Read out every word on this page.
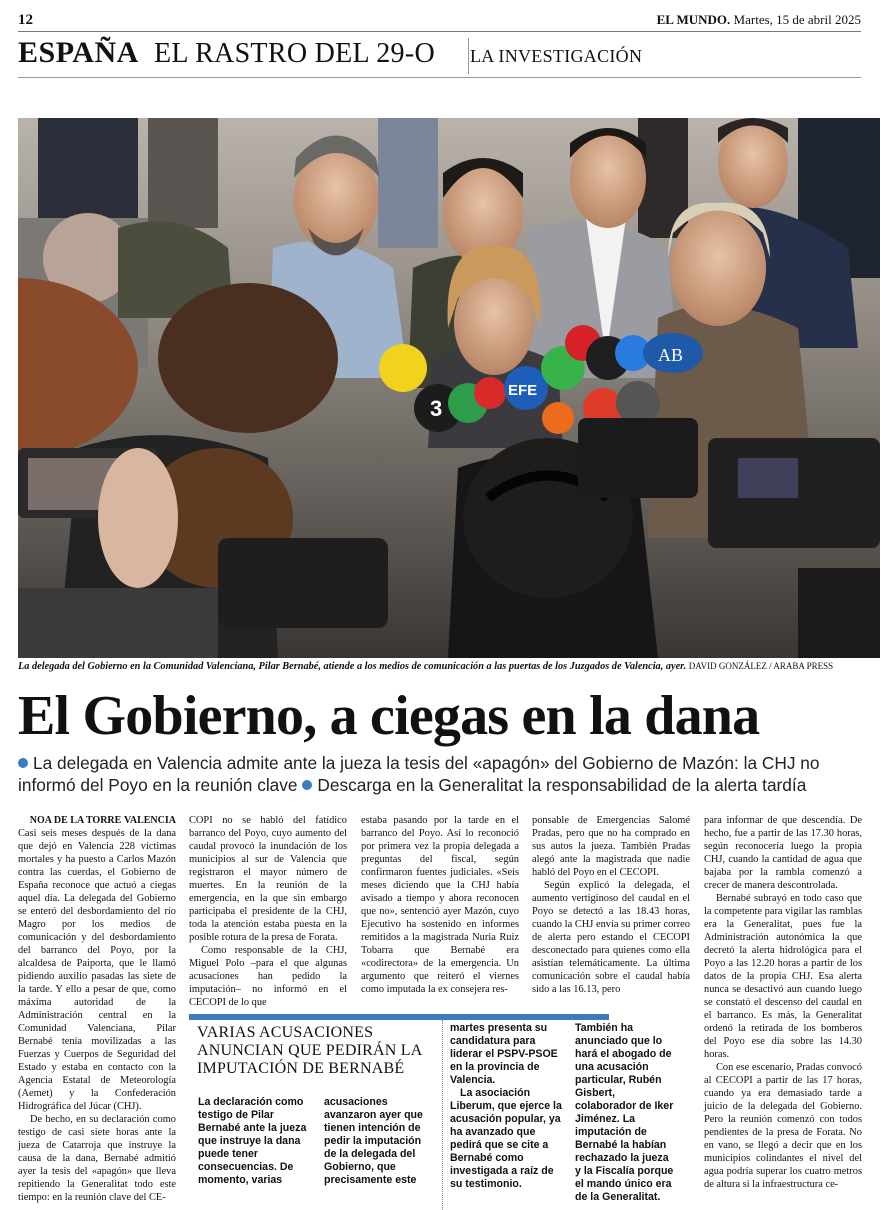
12	EL MUNDO. Martes, 15 de abril 2025
ESPAÑA EL RASTRO DEL 29-O LA INVESTIGACIÓN
3
EFE
AB
La delegada del Gobierno en la Comunidad Valenciana, Pilar Bernabé, atiende a los medios de comunicación a las puertas de los Juzgados de Valencia, ayer. DAVID GONZÁLEZ / ARABA PRESS
El Gobierno, a ciegas en la dana
La delegada en Valencia admite ante la jueza la tesis del «apagón» del Gobierno de Mazón: la CHJ no informó del Poyo en la reunión clave Descarga en la Generalitat la responsabilidad de la alerta tardía

NOA DE LA TORRE VALENCIA

Casi seis meses después de la dana que dejó en Valencia 228 víctimas mortales y ha puesto a Carlos Mazón contra las cuerdas, el Gobierno de España reconoce que actuó a ciegas aquel día. La delegada del Gobierno se enteró del desbordamiento del río Magro por los medios de comunicación y del desbordamiento del barranco del Poyo, por la alcaldesa de Paiporta, que le llamó pidiendo auxilio pasadas las siete de la tarde. Y ello a pesar de que, como máxima autoridad de la Administración central en la Comunidad Valenciana, Pilar Bernabé tenía movilizadas a las Fuerzas y Cuerpos de Seguridad del Estado y estaba en contacto con la Agencia Estatal de Meteorología (Aemet) y la Confederación Hidrográfica del Júcar (CHJ).

De hecho, en su declaración como testigo de casi siete horas ante la jueza de Catarroja que instruye la causa de la dana, Bernabé admitió ayer la tesis del «apagón» que lleva repitiendo la Generalitat todo este tiempo: en la reunión clave del CE-

COPI no se habló del fatídico barranco del Poyo, cuyo aumento del caudal provocó la inundación de los municipios al sur de Valencia que registraron el mayor número de muertes. En la reunión de la emergencia, en la que sin embargo participaba el presidente de la CHJ, toda la atención estaba puesta en la posible rotura de la presa de Forata.

Como responsable de la CHJ, Miguel Polo –para el que algunas acusaciones han pedido la imputación– no informó en el CECOPI de lo que

estaba pasando por la tarde en el barranco del Poyo. Así lo reconoció por primera vez la propia delegada a preguntas del fiscal, según confirmaron fuentes judiciales. «Seis meses diciendo que la CHJ había avisado a tiempo y ahora reconocen que no», sentenció ayer Mazón, cuyo Ejecutivo ha sostenido en informes remitidos a la magistrada Nuria Ruiz Tobarra que Bernabé era «codirectora» de la emergencia. Un argumento que reiteró el viernes como imputada la ex consejera res-

ponsable de Emergencias Salomé Pradas, pero que no ha comprado en sus autos la jueza. También Pradas alegó ante la magistrada que nadie habló del Poyo en el CECOPI.

Según explicó la delegada, el aumento vertiginoso del caudal en el Poyo se detectó a las 18.43 horas, cuando la CHJ envía su primer correo de alerta pero estando el CECOPI desconectado para quienes como ella asistían telemáticamente. La última comunicación sobre el caudal había sido a las 16.13, pero

para informar de que descendía. De hecho, fue a partir de las 17.30 horas, según reconocería luego la propia CHJ, cuando la cantidad de agua que bajaba por la rambla comenzó a crecer de manera descontrolada.

Bernabé subrayó en todo caso que la competente para vigilar las ramblas era la Generalitat, pues fue la Administración autonómica la que decretó la alerta hidrológica para el Poyo a las 12.20 horas a partir de los datos de la propia CHJ. Esa alerta nunca se desactivó aun cuando luego se constató el descenso del caudal en el barranco. Es más, la Generalitat ordenó la retirada de los bomberos del Poyo ese día sobre las 14.30 horas.

Con ese escenario, Pradas convocó al CECOPI a partir de las 17 horas, cuando ya era demasiado tarde a juicio de la delegada del Gobierno. Pero la reunión comenzó con todos pendientes de la presa de Forata. No en vano, se llegó a decir que en los municipios colindantes el nivel del agua podría superar los cuatro metros de altura si la infraestructura ce-

VARIAS ACUSACIONES ANUNCIAN QUE PEDIRÁN LA IMPUTACIÓN DE BERNABÉ

La declaración como testigo de Pilar Bernabé ante la jueza que instruye la dana puede tener consecuencias. De momento, varias

acusaciones avanzaron ayer que tienen intención de pedir la imputación de la delegada del Gobierno, que precisamente este

martes presenta su candidatura para liderar el PSPV-PSOE en la provincia de Valencia.

La asociación Liberum, que ejerce la acusación popular, ya ha avanzado que pedirá que se cite a Bernabé como investigada a raíz de su testimonio.

También ha anunciado que lo hará el abogado de una acusación particular, Rubén Gisbert, colaborador de Iker Jiménez. La imputación de Bernabé la habían rechazado la jueza y la Fiscalía porque el mando único era de la Generalitat.
